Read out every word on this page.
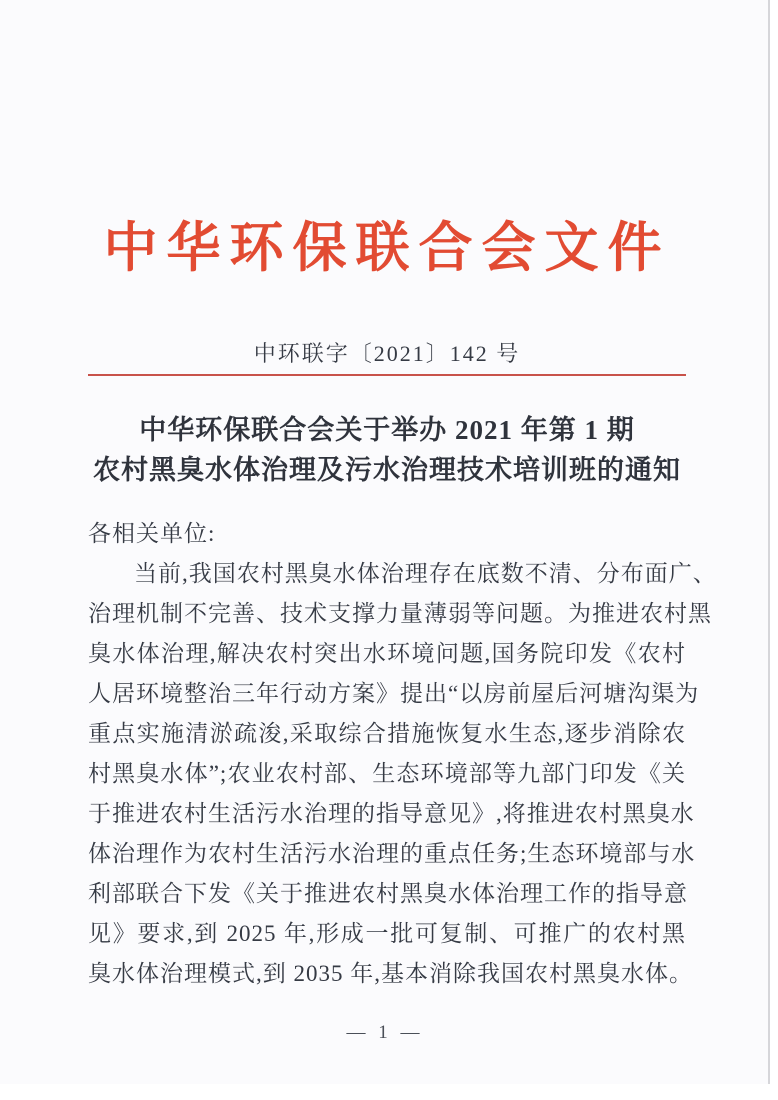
中华环保联合会文件
中环联字〔2021〕142 号
中华环保联合会关于举办 2021 年第 1 期
农村黑臭水体治理及污水治理技术培训班的通知
各相关单位:
当前,我国农村黑臭水体治理存在底数不清、分布面广、
治理机制不完善、技术支撑力量薄弱等问题。为推进农村黑
臭水体治理,解决农村突出水环境问题,国务院印发《农村
人居环境整治三年行动方案》提出“以房前屋后河塘沟渠为
重点实施清淤疏浚,采取综合措施恢复水生态,逐步消除农
村黑臭水体”;农业农村部、生态环境部等九部门印发《关
于推进农村生活污水治理的指导意见》,将推进农村黑臭水
体治理作为农村生活污水治理的重点任务;生态环境部与水
利部联合下发《关于推进农村黑臭水体治理工作的指导意
见》要求,到 2025 年,形成一批可复制、可推广的农村黑
臭水体治理模式,到 2035 年,基本消除我国农村黑臭水体。
— 1 —
